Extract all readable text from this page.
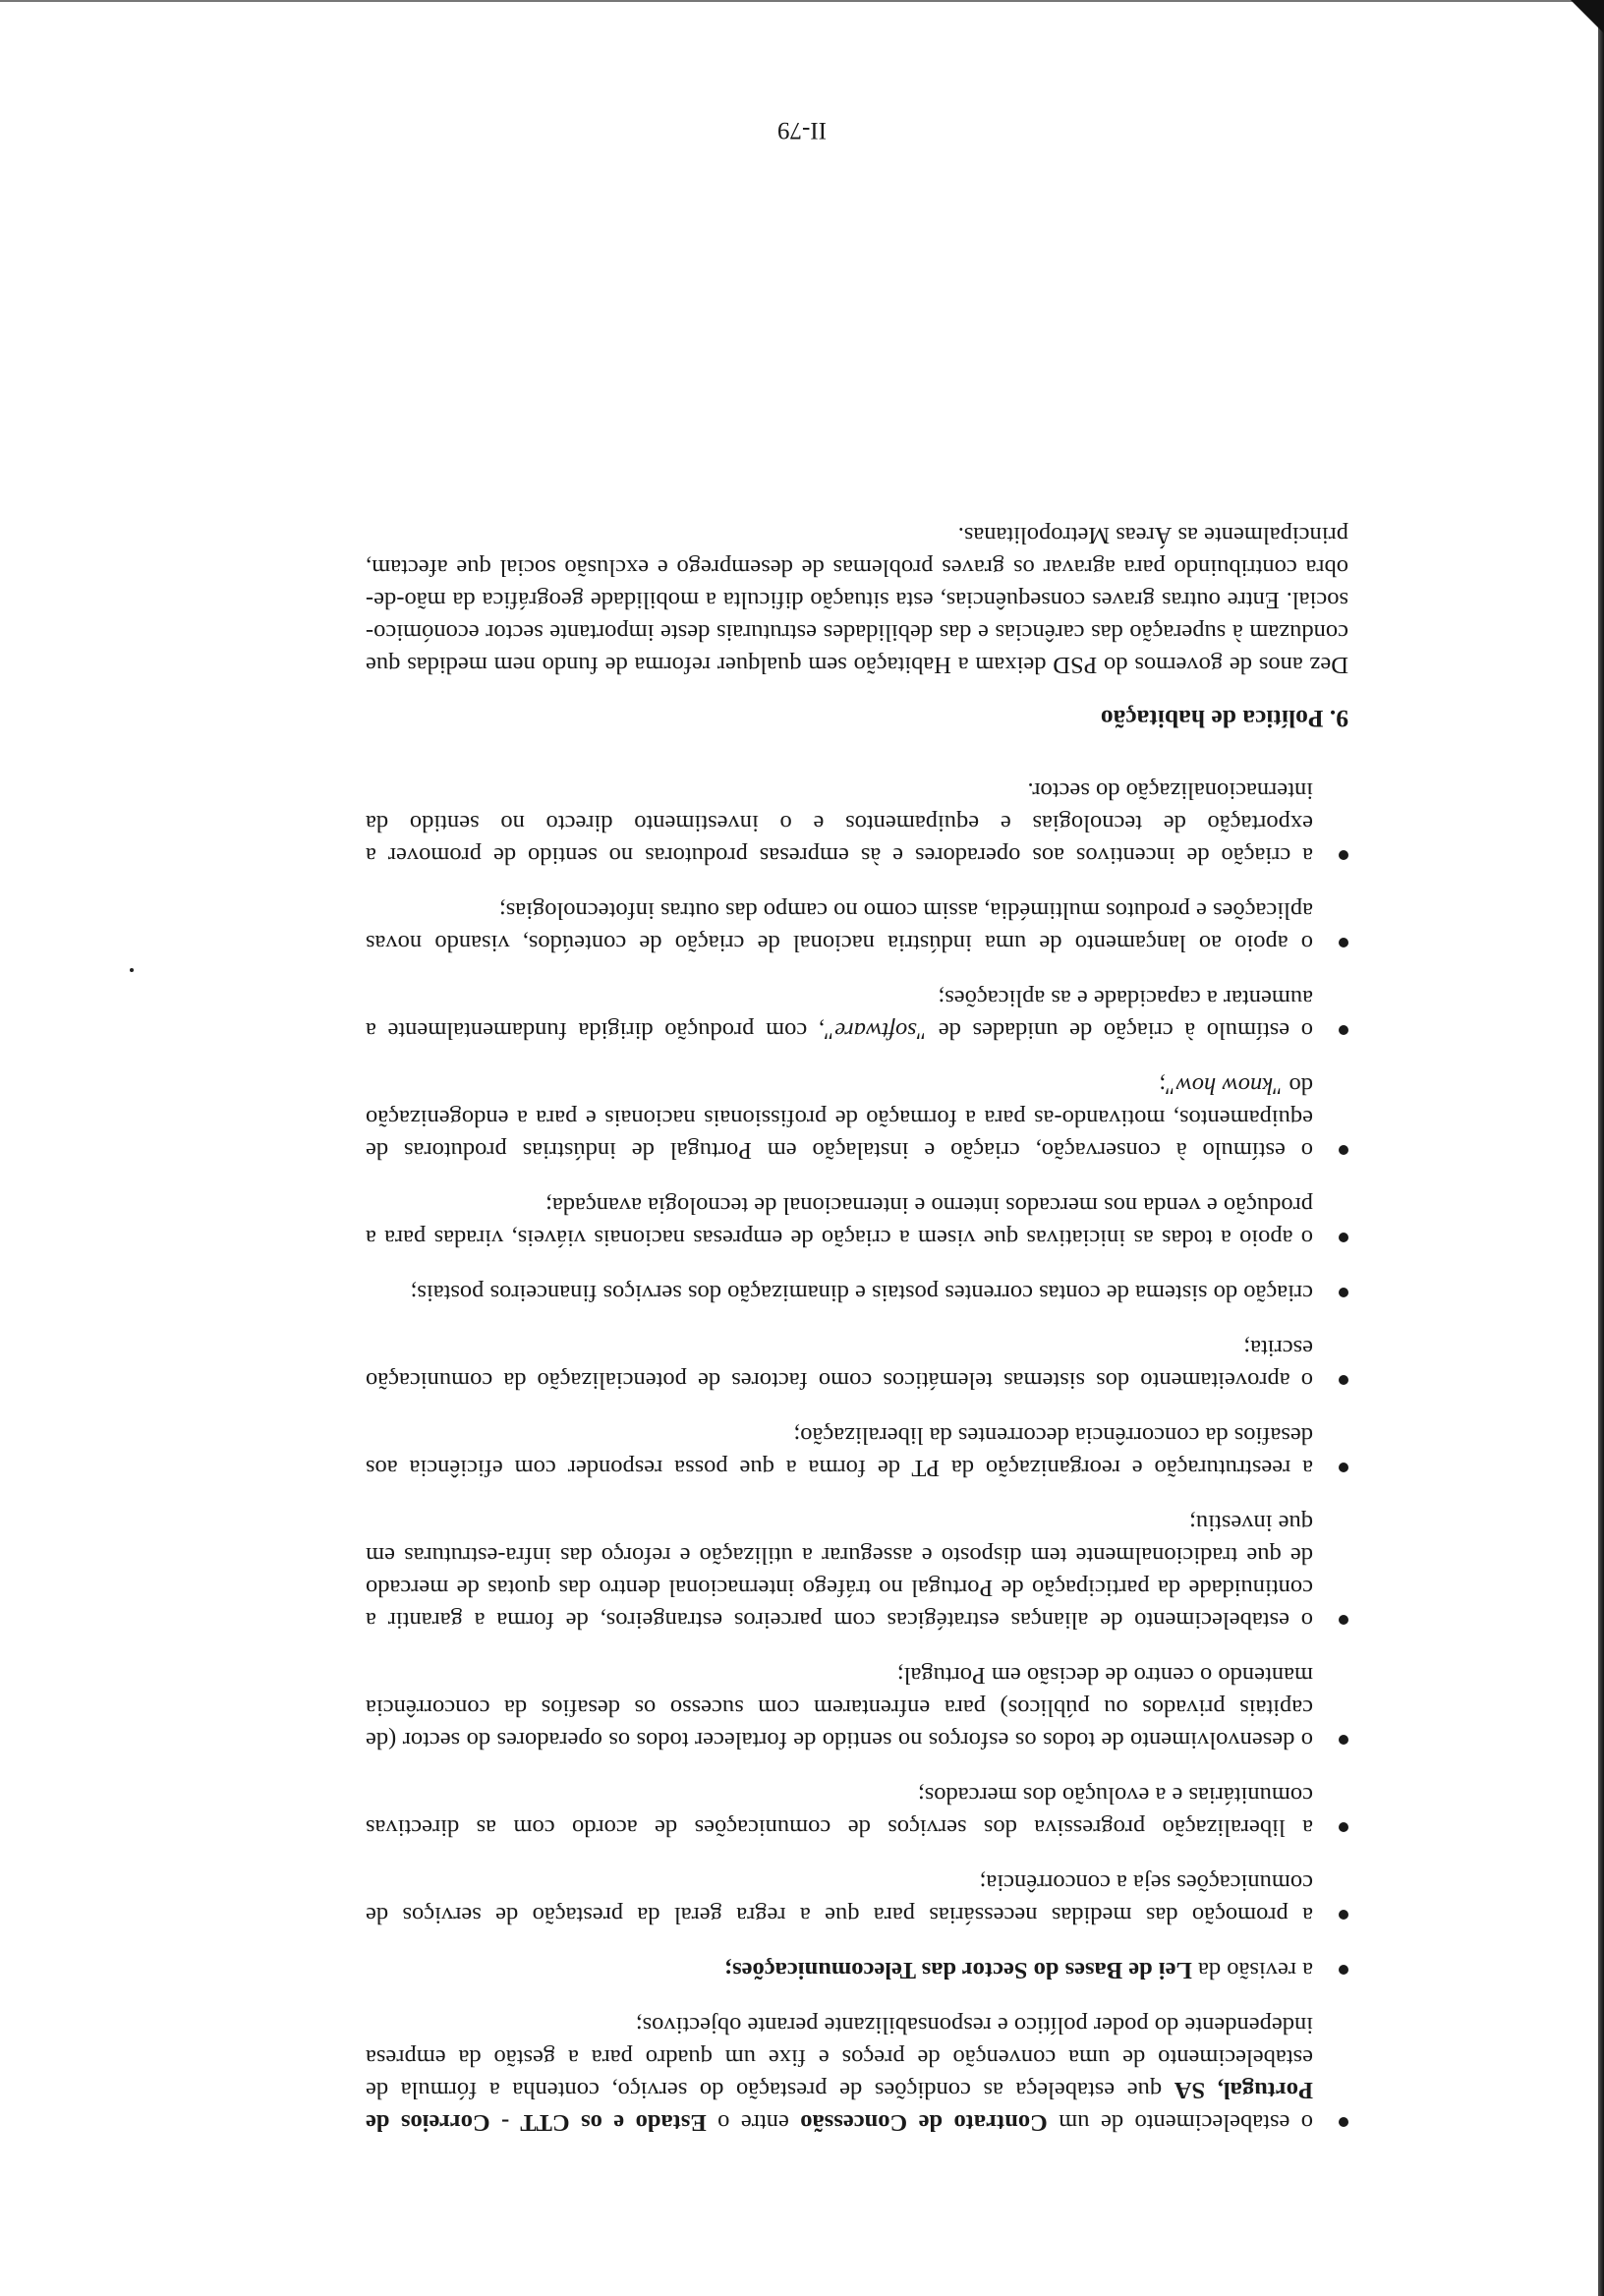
o estabelecimento de um Contrato de Concessão entre o Estado e os CTT - Correios de Portugal, SA que estabeleça as condições de prestação do serviço, contenha a fórmula de estabelecimento de uma convenção de preços e fixe um quadro para a gestão da empresa independente do poder político e responsabilizante perante objectivos;
a revisão da Lei de Bases do Sector das Telecomunicações;
a promoção das medidas necessárias para que a regra geral da prestação de serviços de comunicações seja a concorrência;
a liberalização progressiva dos serviços de comunicações de acordo com as directivas comunitárias e a evolução dos mercados;
o desenvolvimento de todos os esforços no sentido de fortalecer todos os operadores do sector (de capitais privados ou públicos) para enfrentarem com sucesso os desafios da concorrência mantendo o centro de decisão em Portugal;
o estabelecimento de alianças estratégicas com parceiros estrangeiros, de forma a garantir a continuidade da participação de Portugal no tráfego internacional dentro das quotas de mercado de que tradicionalmente tem disposto e assegurar a utilização e reforço das infra-estruturas em que investiu;
a reestruturação e reorganização da PT de forma a que possa responder com eficiência aos desafios da concorrência decorrentes da liberalização;
o aproveitamento dos sistemas telemáticos como factores de potencialização da comunicação escrita;
criação do sistema de contas correntes postais e dinamização dos serviços financeiros postais;
o apoio a todas as iniciativas que visem a criação de empresas nacionais viáveis, viradas para a produção e venda nos mercados interno e internacional de tecnologia avançada;
o estímulo à conservação, criação e instalação em Portugal de indústrias produtoras de equipamentos, motivando-as para a formação de profissionais nacionais e para a endogenização do "know how";
o estímulo à criação de unidades de "software", com produção dirigida fundamentalmente a aumentar a capacidade e as aplicações;
o apoio ao lançamento de uma indústria nacional de criação de conteúdos, visando novas aplicações e produtos multimédia, assim como no campo das outras infotecnologias;
a criação de incentivos aos operadores e às empresas produtoras no sentido de promover a exportação de tecnologias e equipamentos e o investimento directo no sentido da internacionalização do sector.
9. Política de habitação

Dez anos de governos do PSD deixam a Habitação sem qualquer reforma de fundo nem medidas que conduzam à superação das carências e das debilidades estruturais deste importante sector económico-social. Entre outras graves consequências, esta situação dificulta a mobilidade geográfica da mão-de-obra contribuindo para agravar os graves problemas de desemprego e exclusão social que afectam, principalmente as Áreas Metropolitanas.

II-79
